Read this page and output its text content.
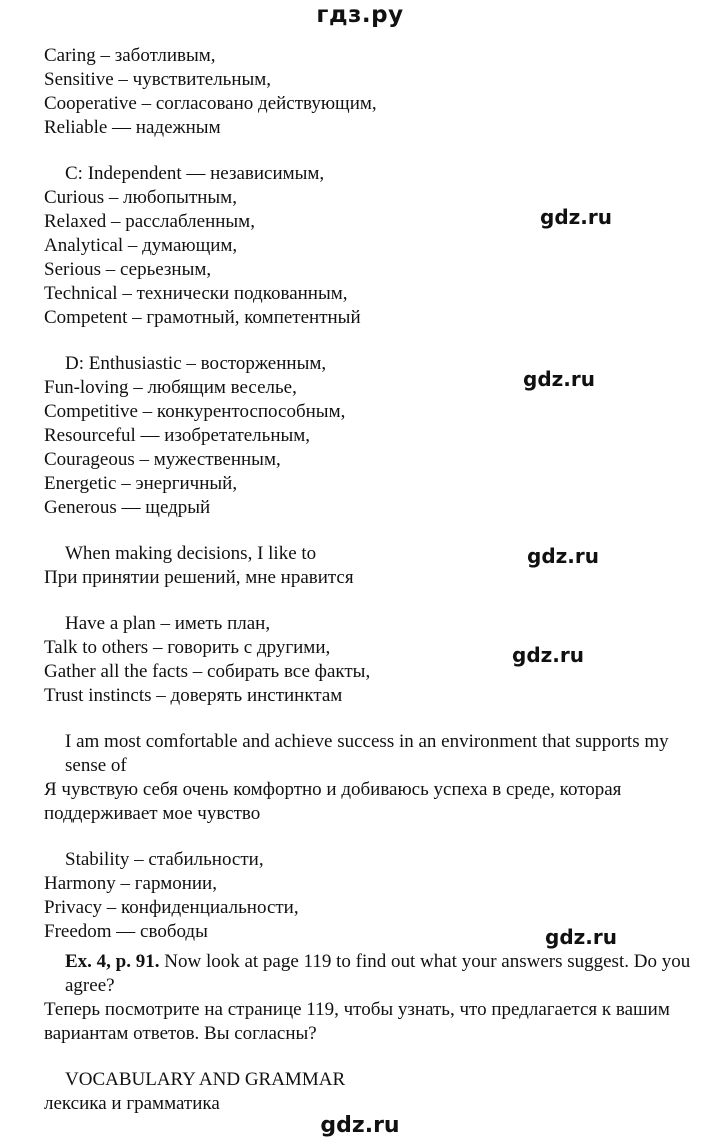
гдз.ру
gdz.ru
gdz.ru
gdz.ru
gdz.ru
gdz.ru
Caring – заботливым,
Sensitive – чувствительным,
Cooperative – согласовано действующим,
Reliable — надежным
C: Independent — независимым,
Curious – любопытным,
Relaxed – расслабленным,
Analytical – думающим,
Serious – серьезным,
Technical – технически подкованным,
Competent – грамотный, компетентный
D: Enthusiastic – восторженным,
Fun-loving – любящим веселье,
Competitive – конкурентоспособным,
Resourceful — изобретательным,
Courageous – мужественным,
Energetic – энергичный,
Generous — щедрый
When making decisions, I like to
При принятии решений, мне нравится
Have a plan – иметь план,
Talk to others – говорить с другими,
Gather all the facts – собирать все факты,
Trust instincts – доверять инстинктам
I am most comfortable and achieve success in an environment that supports my sense of
Я чувствую себя очень комфортно и добиваюсь успеха в среде, которая поддерживает мое чувство
Stability – стабильности,
Harmony – гармонии,
Privacy – конфиденциальности,
Freedom — свободы
Ex. 4, p. 91. Now look at page 119 to find out what your answers suggest. Do you agree?
Теперь посмотрите на странице 119, чтобы узнать, что предлагается к вашим вариантам ответов. Вы согласны?
VOCABULARY AND GRAMMAR
лексика и грамматика
gdz.ru
